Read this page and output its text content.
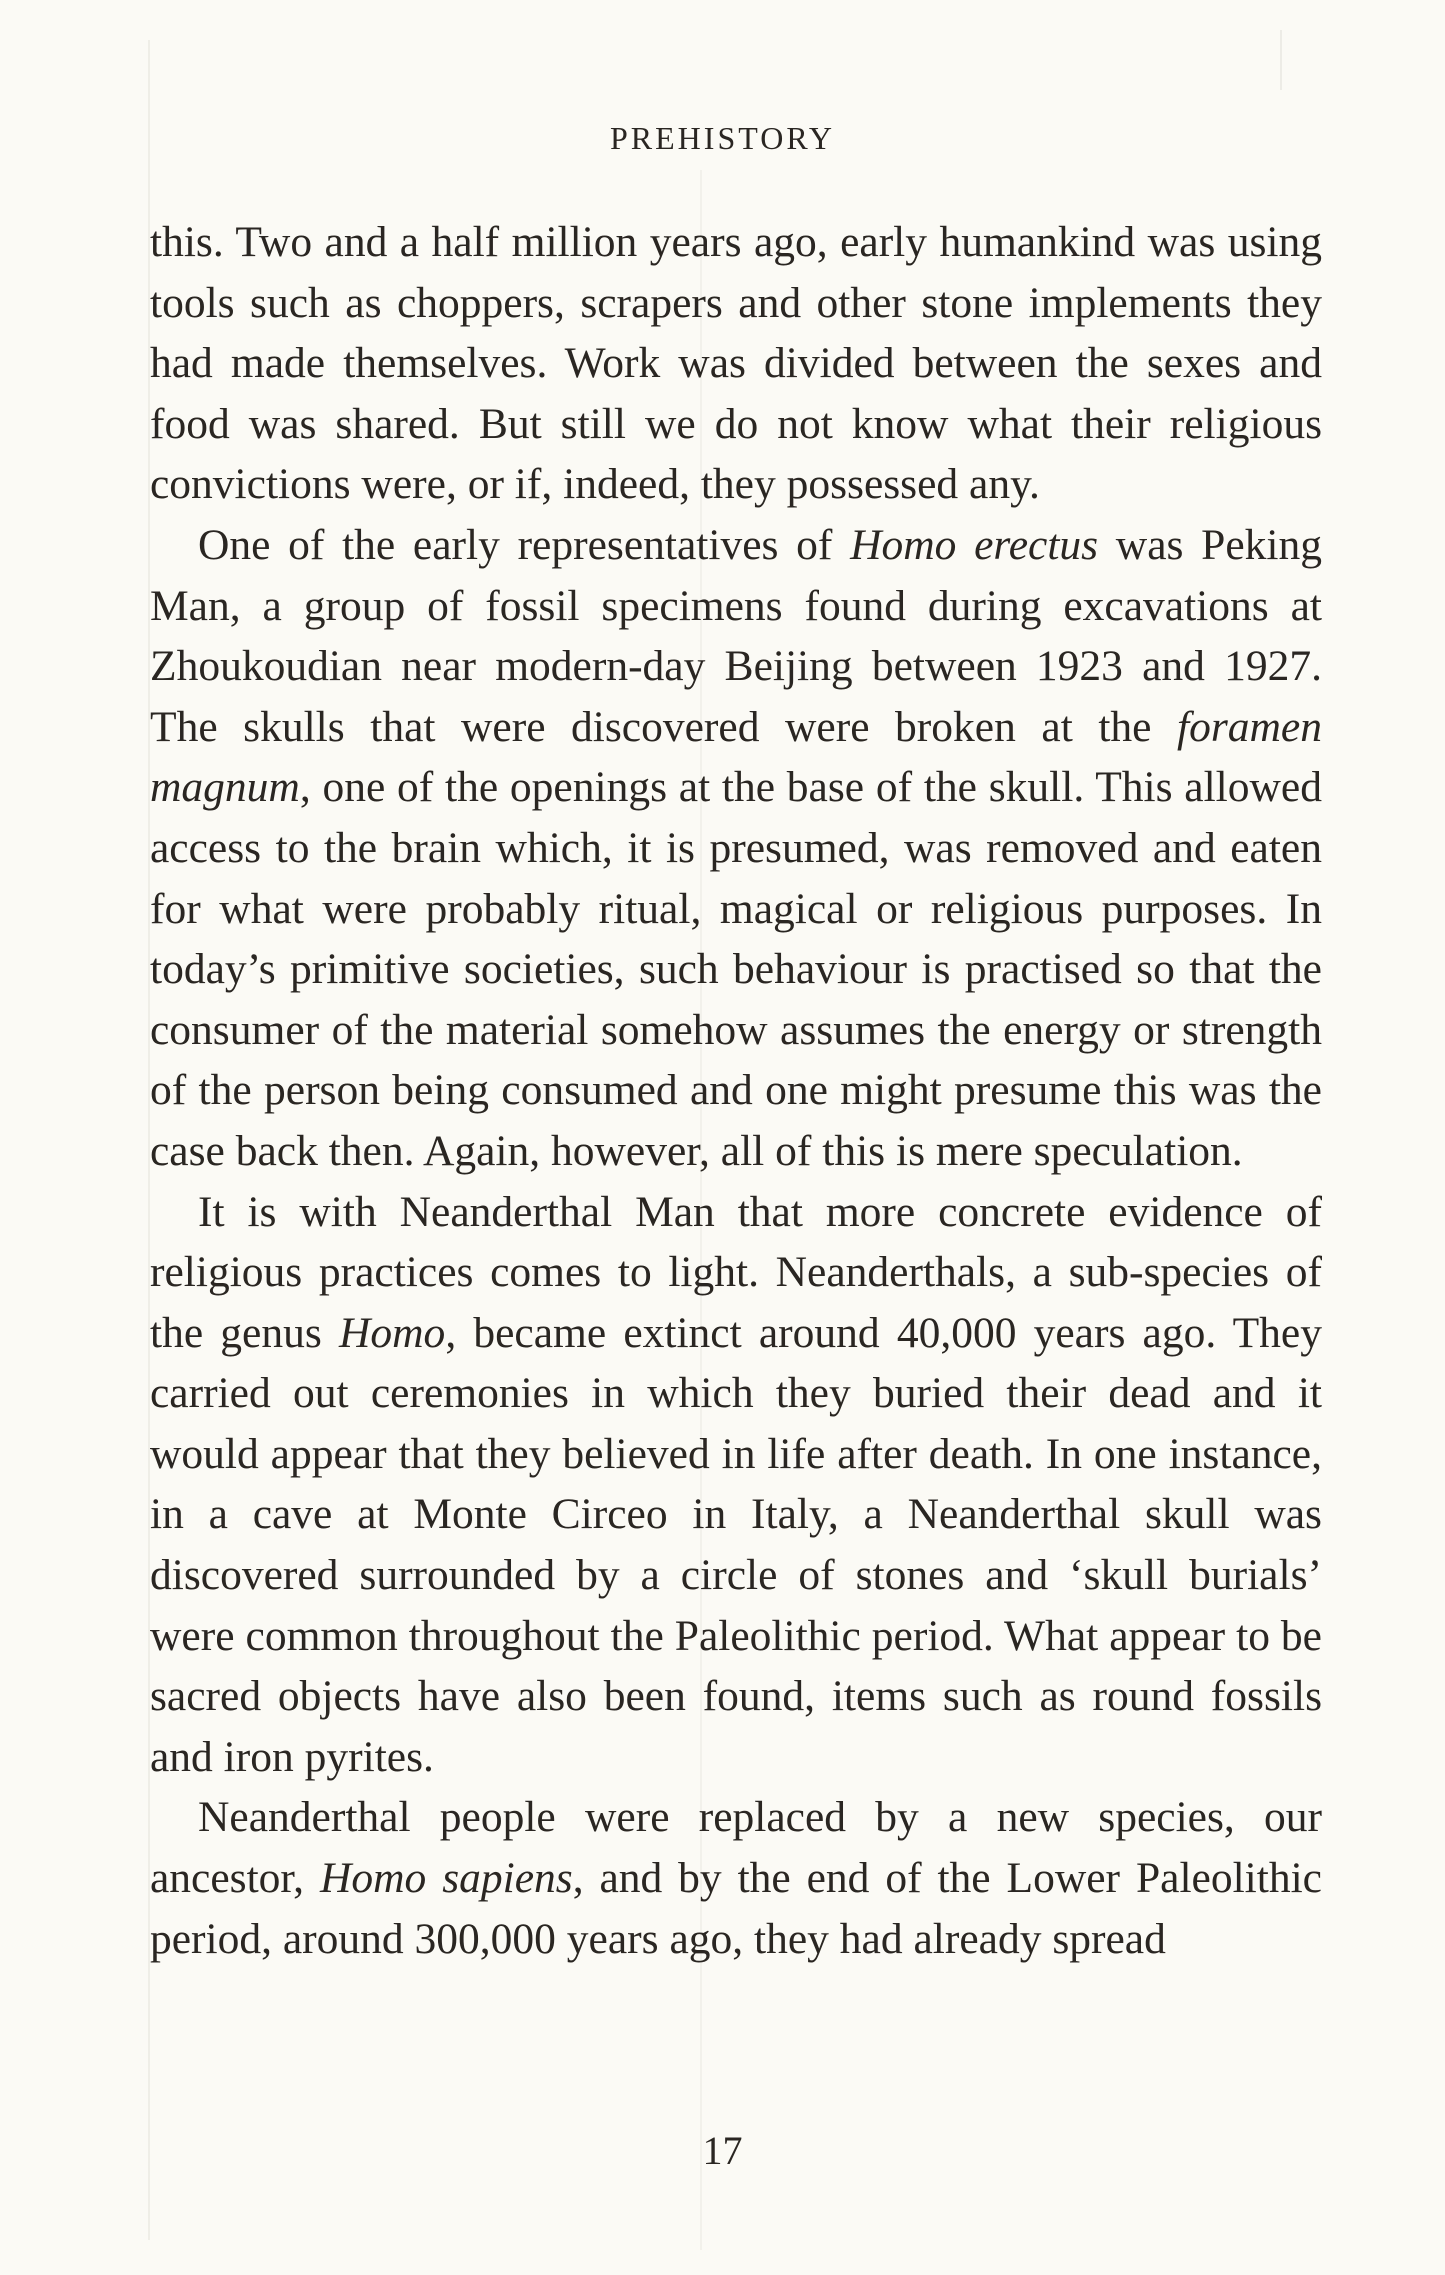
PREHISTORY

this. Two and a half million years ago, early humankind was using tools such as choppers, scrapers and other stone implements they had made themselves. Work was divided between the sexes and food was shared. But still we do not know what their religious convictions were, or if, indeed, they possessed any.

One of the early representatives of Homo erectus was Peking Man, a group of fossil specimens found during excavations at Zhoukoudian near modern-day Beijing between 1923 and 1927. The skulls that were discovered were broken at the foramen magnum, one of the openings at the base of the skull. This allowed access to the brain which, it is presumed, was removed and eaten for what were probably ritual, magical or religious purposes. In today’s primitive societies, such behaviour is practised so that the consumer of the material somehow assumes the energy or strength of the person being consumed and one might presume this was the case back then. Again, however, all of this is mere speculation.

It is with Neanderthal Man that more concrete evidence of religious practices comes to light. Neanderthals, a sub-species of the genus Homo, became extinct around 40,000 years ago. They carried out ceremonies in which they buried their dead and it would appear that they believed in life after death. In one instance, in a cave at Monte Circeo in Italy, a Neanderthal skull was discovered surrounded by a circle of stones and ‘skull burials’ were common throughout the Paleolithic period. What appear to be sacred objects have also been found, items such as round fossils and iron pyrites.

Neanderthal people were replaced by a new species, our ancestor, Homo sapiens, and by the end of the Lower Paleolithic period, around 300,000 years ago, they had already spread

17
